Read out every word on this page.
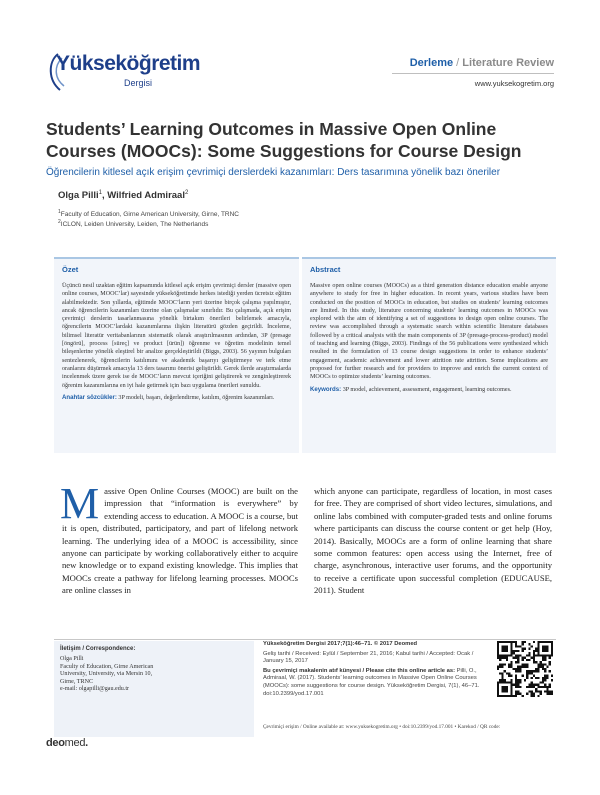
Yükseköğretim
Dergisi
Derleme / Literature Review
www.yuksekogretim.org
Students’ Learning Outcomes in Massive Open Online Courses (MOOCs): Some Suggestions for Course Design
Öğrencilerin kitlesel açık erişim çevrimiçi derslerdeki kazanımları: Ders tasarımına yönelik bazı öneriler
Olga Pilli$^1$, Wilfried Admiraal$^2$
$^1$Faculty of Education, Girne American University, Girne, TRNC
$^2$ICLON, Leiden University, Leiden, The Netherlands
Özet
Üçüncü nesil uzaktan eğitim kapsamında kitlesel açık erişim çevrimiçi dersler (massive open online courses, MOOC’lar) sayesinde yükseköğretimde herkes istediği yerden ücretsiz eğitim alabilmektedir. Son yıllarda, eğitimde MOOC’ların yeri üzerine birçok çalışma yapılmıştır, ancak öğrencilerin kazanımları üzerine olan çalışmalar sınırlıdır. Bu çalışmada, açık erişim çevrimiçi derslerin tasarlanmasına yönelik birtakım önerileri belirlemek amacıyla, öğrencilerin MOOC’lardaki kazanımlarına ilişkin literatürü gözden geçirildi. İnceleme, bilimsel literatür veritabanlarının sistematik olarak araştırılmasının ardından, 3P (presage [öngörü], process [süreç] ve product [ürün]) öğrenme ve öğretim modelinin temel bileşenlerine yönelik eleştirel bir analize gerçekleştirildi (Biggs, 2003). 56 yayının bulguları sentezlenerek, öğrencilerin katılımını ve akademik başarıyı geliştirmeye ve terk etme oranlarını düşürmek amacıyla 13 ders tasarımı önerisi geliştirildi. Gerek ilerde araştırmalarda incelenmek üzere gerek ise de MOOC’ların mevcut içeriğini geliştirerek ve zenginleştirerek öğrenim kazanımlarına en iyi hale getirmek için bazı uygulama önerileri sunuldu.
Anahtar sözcükler: 3P modeli, başarı, değerlendirme, katılım, öğrenim kazanımları.
Abstract
Massive open online courses (MOOCs) as a third generation distance education enable anyone anywhere to study for free in higher education. In recent years, various studies have been conducted on the position of MOOCs in education, but studies on students’ learning outcomes are limited. In this study, literature concerning students’ learning outcomes in MOOCs was explored with the aim of identifying a set of suggestions to design open online courses. The review was accomplished through a systematic search within scientific literature databases followed by a critical analysis with the main components of 3P (presage-process-product) model of teaching and learning (Biggs, 2003). Findings of the 56 publications were synthesized which resulted in the formulation of 13 course design suggestions in order to enhance students’ engagement, academic achievement and lower attrition rate attrition. Some implications are proposed for further research and for providers to improve and enrich the current context of MOOCs to optimize students’ learning outcomes.
Keywords: 3P model, achievement, assessment, engagement, learning outcomes.
Massive Open Online Courses (MOOC) are built on the impression that “information is everywhere” by extending access to education. A MOOC is a course, but it is open, distributed, participatory, and part of lifelong network learning. The underlying idea of a MOOC is accessibility, since anyone can participate by working collaboratively either to acquire new knowledge or to expand existing knowledge. This implies that MOOCs create a pathway for lifelong learning processes. MOOCs are online classes in
which anyone can participate, regardless of location, in most cases for free. They are comprised of short video lectures, simulations, and online labs combined with computer-graded tests and online forums where participants can discuss the course content or get help (Hoy, 2014). Basically, MOOCs are a form of online learning that share some common features: open access using the Internet, free of charge, asynchronous, interactive user forums, and the opportunity to receive a certificate upon successful completion (EDUCAUSE, 2011). Student
İletişim / Correspondence:
Olga Pilli
Faculty of Education, Girne American
University, University, via Mersin 10,
Girne, TRNC
e-mail: olgapilli@gau.edu.tr
Yükseköğretim Dergisi 2017;7(1):46–71. © 2017 Deomed
Geliş tarihi / Received: Eylül / September 21, 2016; Kabul tarihi / Accepted: Ocak / January 15, 2017
Bu çevrimiçi makalenin atıf künyesi / Please cite this online article as: Pilli, O., Admiraal, W. (2017). Students’ learning outcomes in Massive Open Online Courses (MOOCs): some suggestions for course design. Yükseköğretim Dergisi, 7(1), 46–71. doi:10.2399/yod.17.001
Çevrimiçi erişim / Online available at: www.yuksekogretim.org • doi:10.2399/yod.17.001 • Karekod / QR code:
deomed.
